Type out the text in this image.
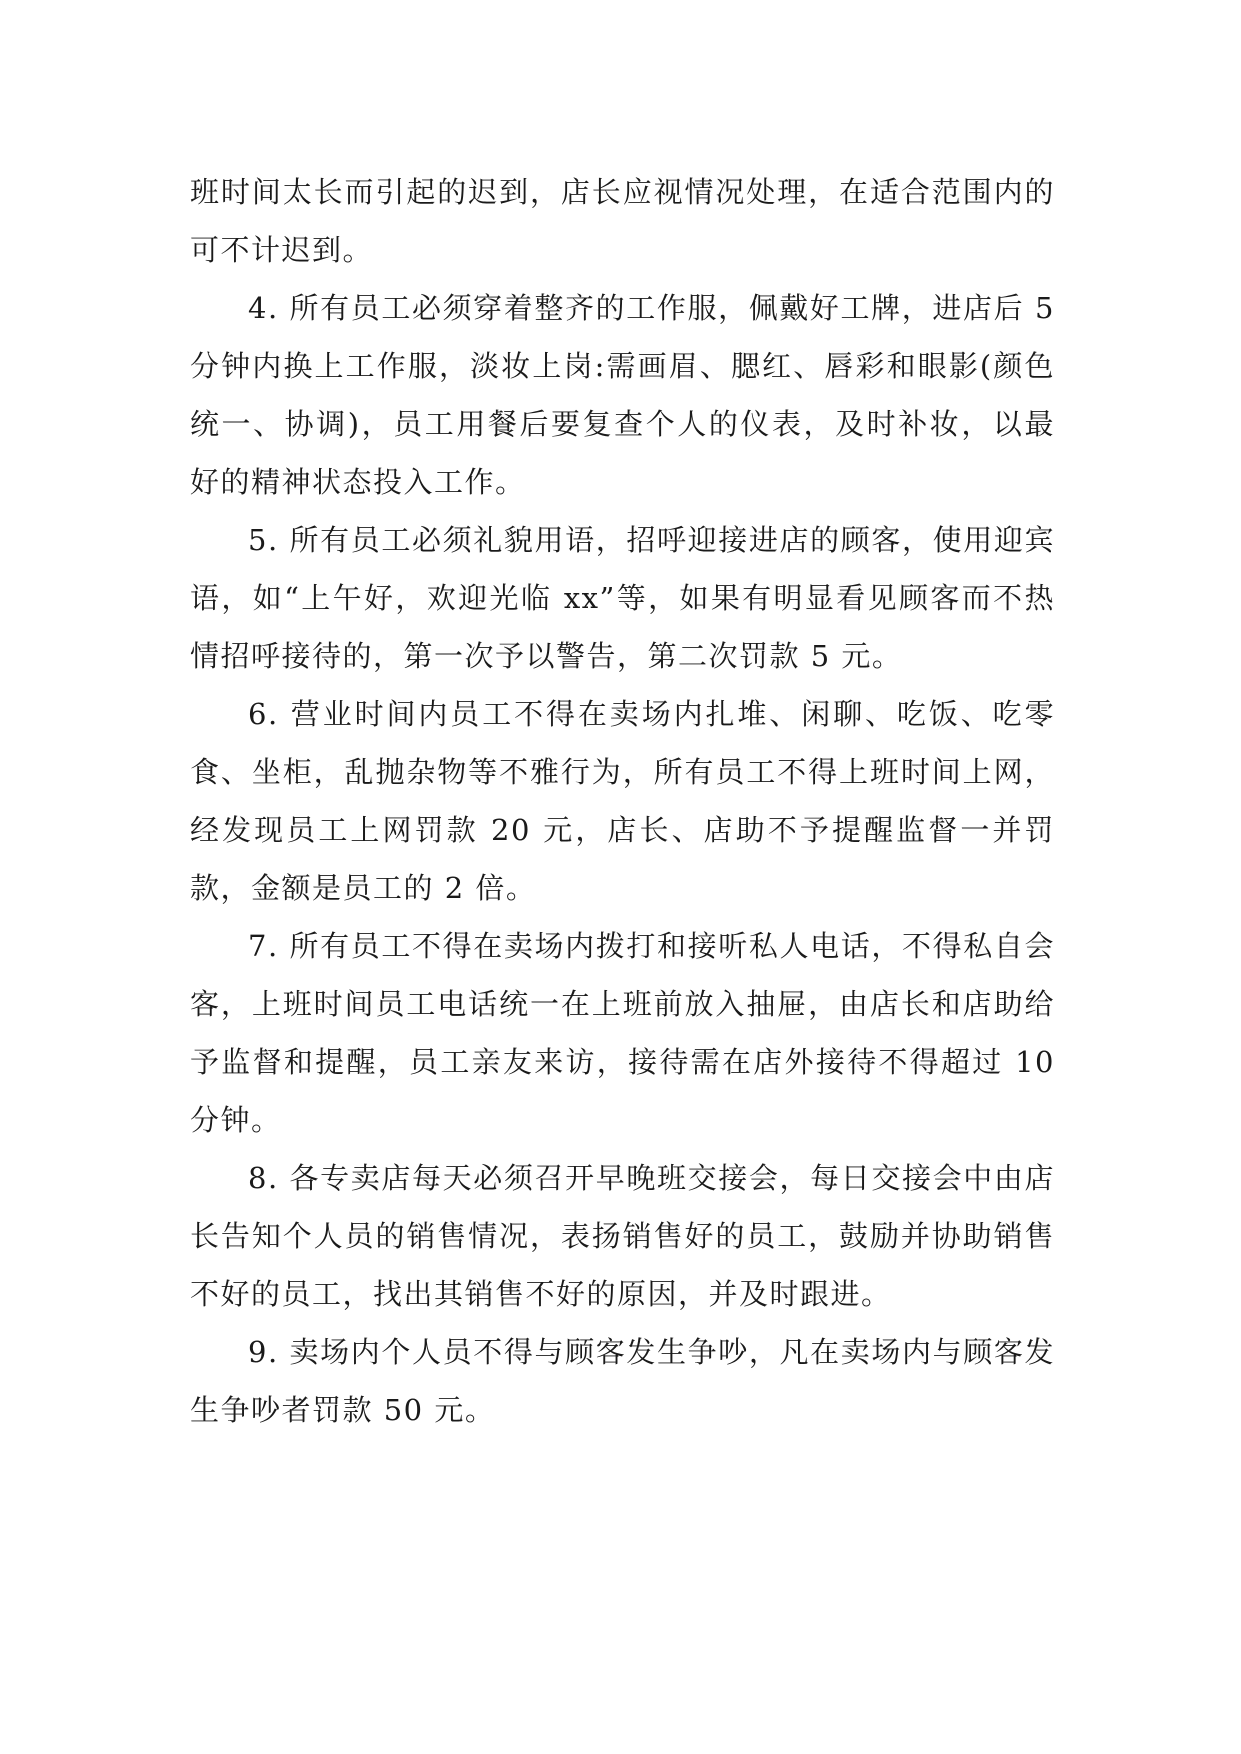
班时间太长而引起的迟到，店长应视情况处理，在适合范围内的可不计迟到。

4. 所有员工必须穿着整齐的工作服，佩戴好工牌，进店后 5 分钟内换上工作服，淡妆上岗:需画眉、腮红、唇彩和眼影(颜色统一、协调)，员工用餐后要复查个人的仪表，及时补妆，以最好的精神状态投入工作。

5. 所有员工必须礼貌用语，招呼迎接进店的顾客，使用迎宾语，如“上午好，欢迎光临 xx”等，如果有明显看见顾客而不热情招呼接待的，第一次予以警告，第二次罚款 5 元。

6. 营业时间内员工不得在卖场内扎堆、闲聊、吃饭、吃零食、坐柜，乱抛杂物等不雅行为，所有员工不得上班时间上网，经发现员工上网罚款 20 元，店长、店助不予提醒监督一并罚款，金额是员工的 2 倍。

7. 所有员工不得在卖场内拨打和接听私人电话，不得私自会客，上班时间员工电话统一在上班前放入抽屉，由店长和店助给予监督和提醒，员工亲友来访，接待需在店外接待不得超过 10 分钟。

8. 各专卖店每天必须召开早晚班交接会，每日交接会中由店长告知个人员的销售情况，表扬销售好的员工，鼓励并协助销售不好的员工，找出其销售不好的原因，并及时跟进。

9. 卖场内个人员不得与顾客发生争吵，凡在卖场内与顾客发生争吵者罚款 50 元。
